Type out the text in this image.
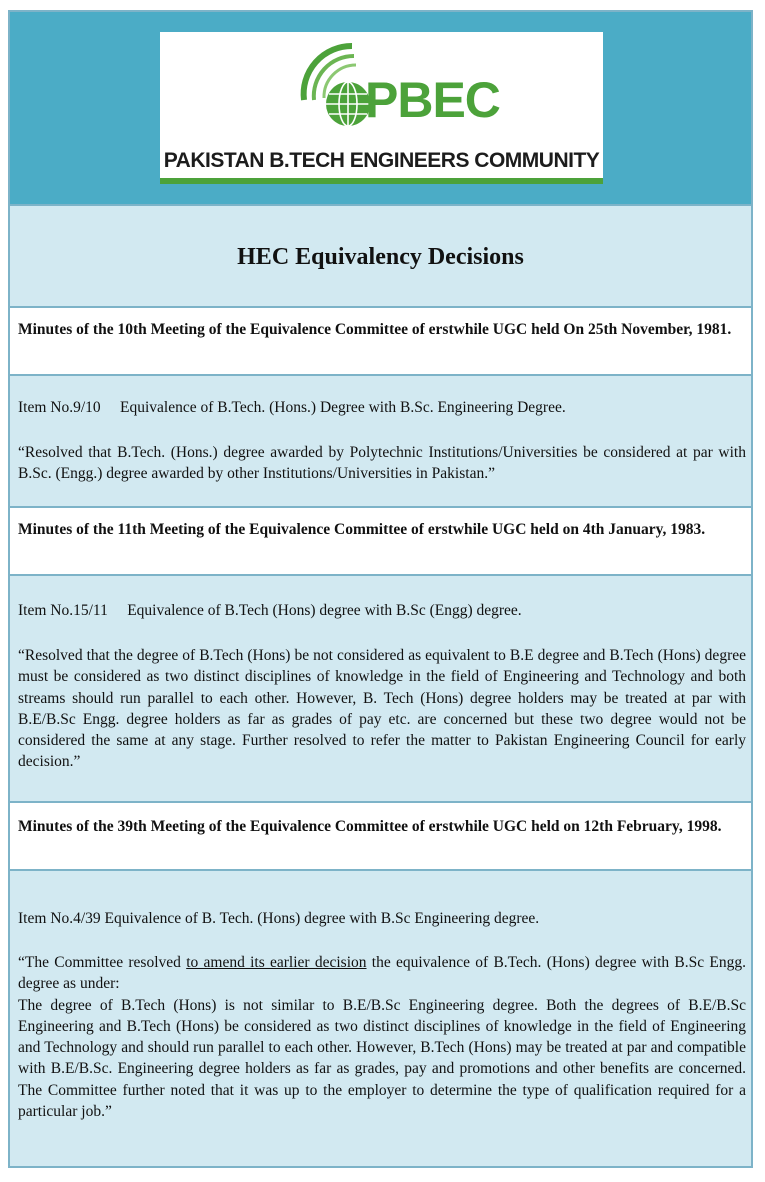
PBEC
PAKISTAN B.TECH ENGINEERS COMMUNITY
HEC Equivalency Decisions
Minutes of the 10th Meeting of the Equivalence Committee of erstwhile UGC held On 25th November, 1981.
Item No.9/10 Equivalence of B.Tech. (Hons.) Degree with B.Sc. Engineering Degree.
“Resolved that B.Tech. (Hons.) degree awarded by Polytechnic Institutions/Universities be considered at par with B.Sc. (Engg.) degree awarded by other Institutions/Universities in Pakistan.”
Minutes of the 11th Meeting of the Equivalence Committee of erstwhile UGC held on 4th January, 1983.
Item No.15/11 Equivalence of B.Tech (Hons) degree with B.Sc (Engg) degree.
“Resolved that the degree of B.Tech (Hons) be not considered as equivalent to B.E degree and B.Tech (Hons) degree must be considered as two distinct disciplines of knowledge in the field of Engineering and Technology and both streams should run parallel to each other. However, B. Tech (Hons) degree holders may be treated at par with B.E/B.Sc Engg. degree holders as far as grades of pay etc. are concerned but these two degree would not be considered the same at any stage. Further resolved to refer the matter to Pakistan Engineering Council for early decision.”
Minutes of the 39th Meeting of the Equivalence Committee of erstwhile UGC held on 12th February, 1998.
Item No.4/39 Equivalence of B. Tech. (Hons) degree with B.Sc Engineering degree.
“The Committee resolved to amend its earlier decision the equivalence of B.Tech. (Hons) degree with B.Sc Engg. degree as under:
The degree of B.Tech (Hons) is not similar to B.E/B.Sc Engineering degree. Both the degrees of B.E/B.Sc Engineering and B.Tech (Hons) be considered as two distinct disciplines of knowledge in the field of Engineering and Technology and should run parallel to each other. However, B.Tech (Hons) may be treated at par and compatible with B.E/B.Sc. Engineering degree holders as far as grades, pay and promotions and other benefits are concerned. The Committee further noted that it was up to the employer to determine the type of qualification required for a particular job.”
